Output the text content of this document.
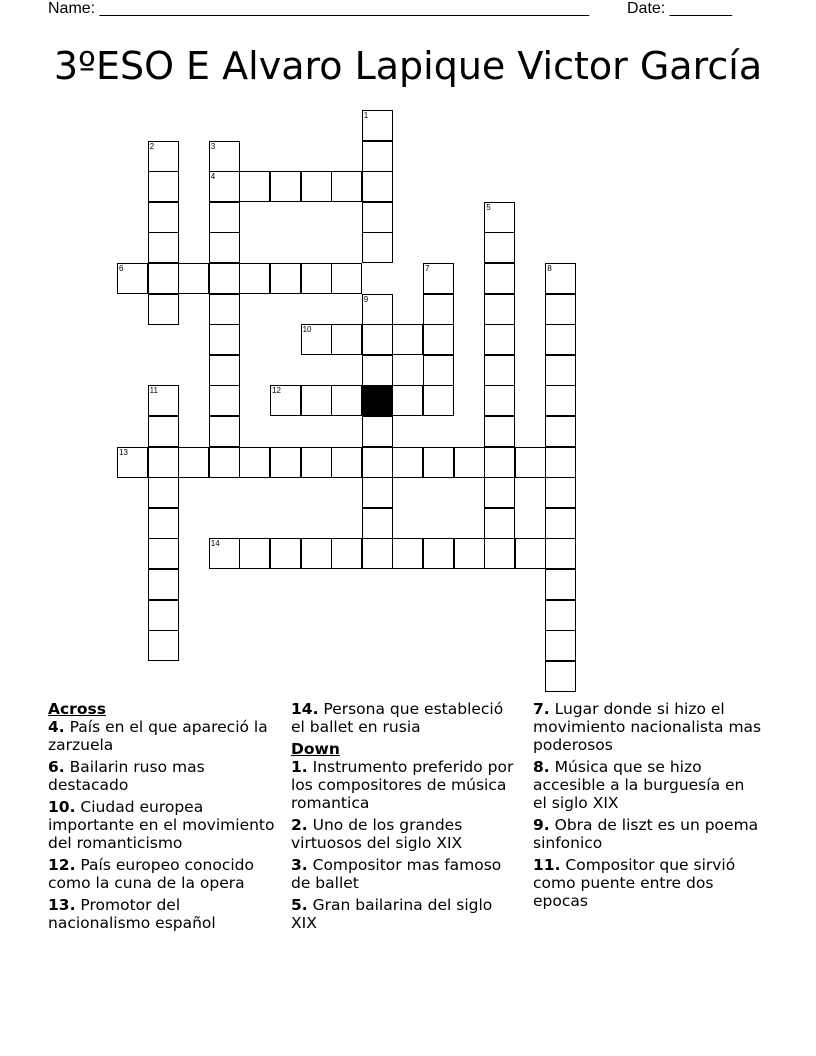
Name: _______________________________________________________ Date: _______
3ºESO E Alvaro Lapique Victor García
1
2	3
4
5
6	7	8
9
10
11	12
13
14
Across
4. País en el que apareció la zarzuela
6. Bailarin ruso mas destacado
10. Ciudad europea importante en el movimiento del romanticismo
12. País europeo conocido como la cuna de la opera
13. Promotor del nacionalismo español
14. Persona que estableció el ballet en rusia
Down
1. Instrumento preferido por los compositores de música romantica
2. Uno de los grandes virtuosos del siglo XIX
3. Compositor mas famoso de ballet
5. Gran bailarina del siglo XIX
7. Lugar donde si hizo el movimiento nacionalista mas poderosos
8. Música que se hizo accesible a la burguesía en el siglo XIX
9. Obra de liszt es un poema sinfonico
11. Compositor que sirvió como puente entre dos epocas
